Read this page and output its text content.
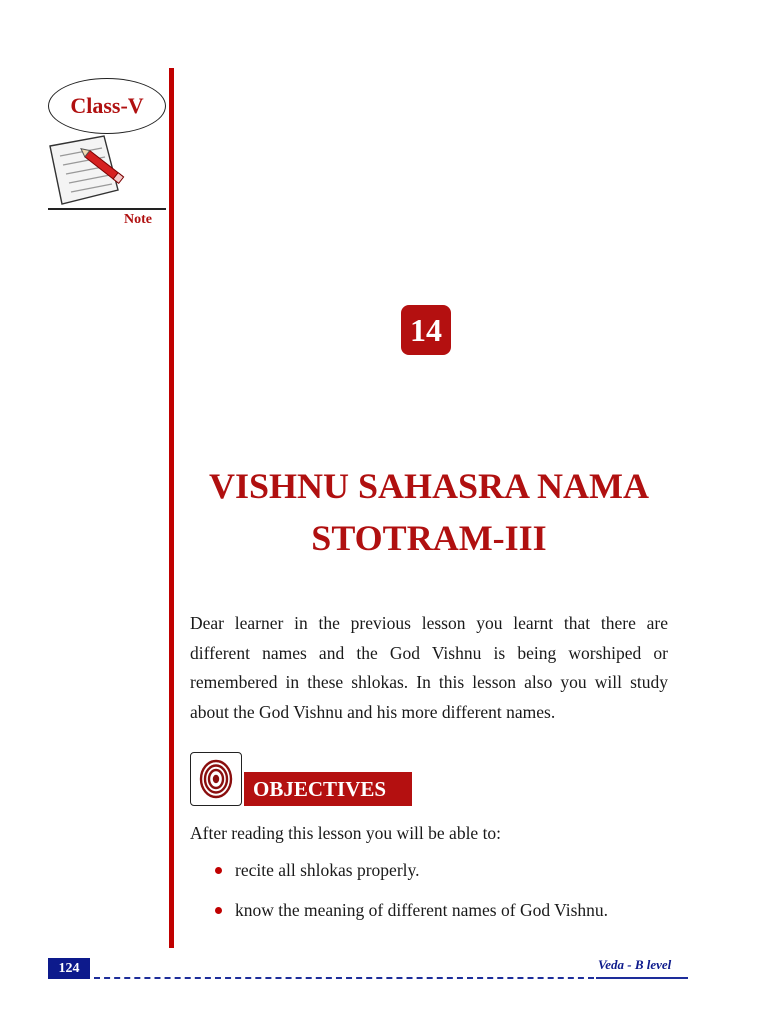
Class-V
Note
14
VISHNU SAHASRA NAMA
STOTRAM-III

Dear learner in the previous lesson you learnt that there are different names and the God Vishnu is being worshiped or remembered in these shlokas. In this lesson also you will study about the God Vishnu and his more different names.

OBJECTIVES
After reading this lesson you will be able to:
recite all shlokas properly.
know the meaning of different names of God Vishnu.
124	Veda - B level
